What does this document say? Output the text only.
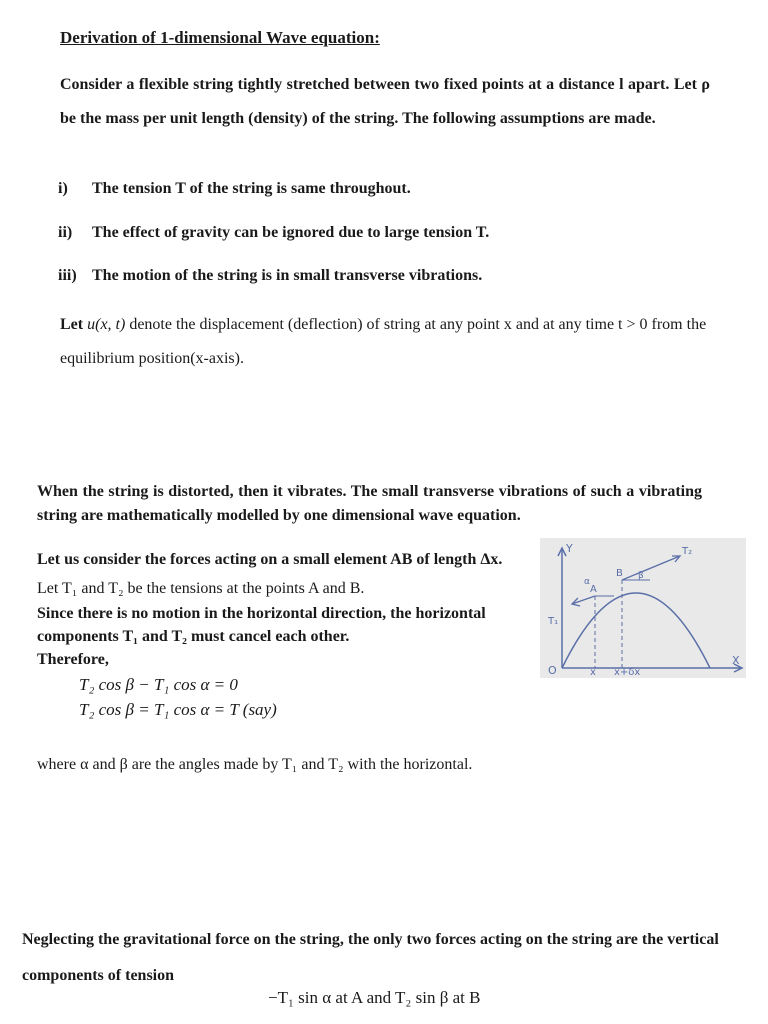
Derivation of 1-dimensional Wave equation:
Consider a flexible string tightly stretched between two fixed points at a distance l apart. Let ρ be the mass per unit length (density) of the string. The following assumptions are made.
i) The tension T of the string is same throughout.
ii) The effect of gravity can be ignored due to large tension T.
iii) The motion of the string is in small transverse vibrations.
Let u(x, t) denote the displacement (deflection) of string at any point x and at any time t > 0 from the equilibrium position(x-axis).
When the string is distorted, then it vibrates. The small transverse vibrations of such a vibrating string are mathematically modelled by one dimensional wave equation.
Let us consider the forces acting on a small element AB of length Δx.
Let T₁ and T₂ be the tensions at the points A and B.
Since there is no motion in the horizontal direction, the horizontal components T₁ and T₂ must cancel each other.
Therefore,
T₂ cos β − T₁ cos α = 0
T₂ cos β = T₁ cos α = T (say)
where α and β are the angles made by T₁ and T₂ with the horizontal.
Neglecting the gravitational force on the string, the only two forces acting on the string are the vertical components of tension
−T₁ sin α at A and T₂ sin β at B
Y
X
O	x x+δx
T₁
T₂
A
B
α
β
